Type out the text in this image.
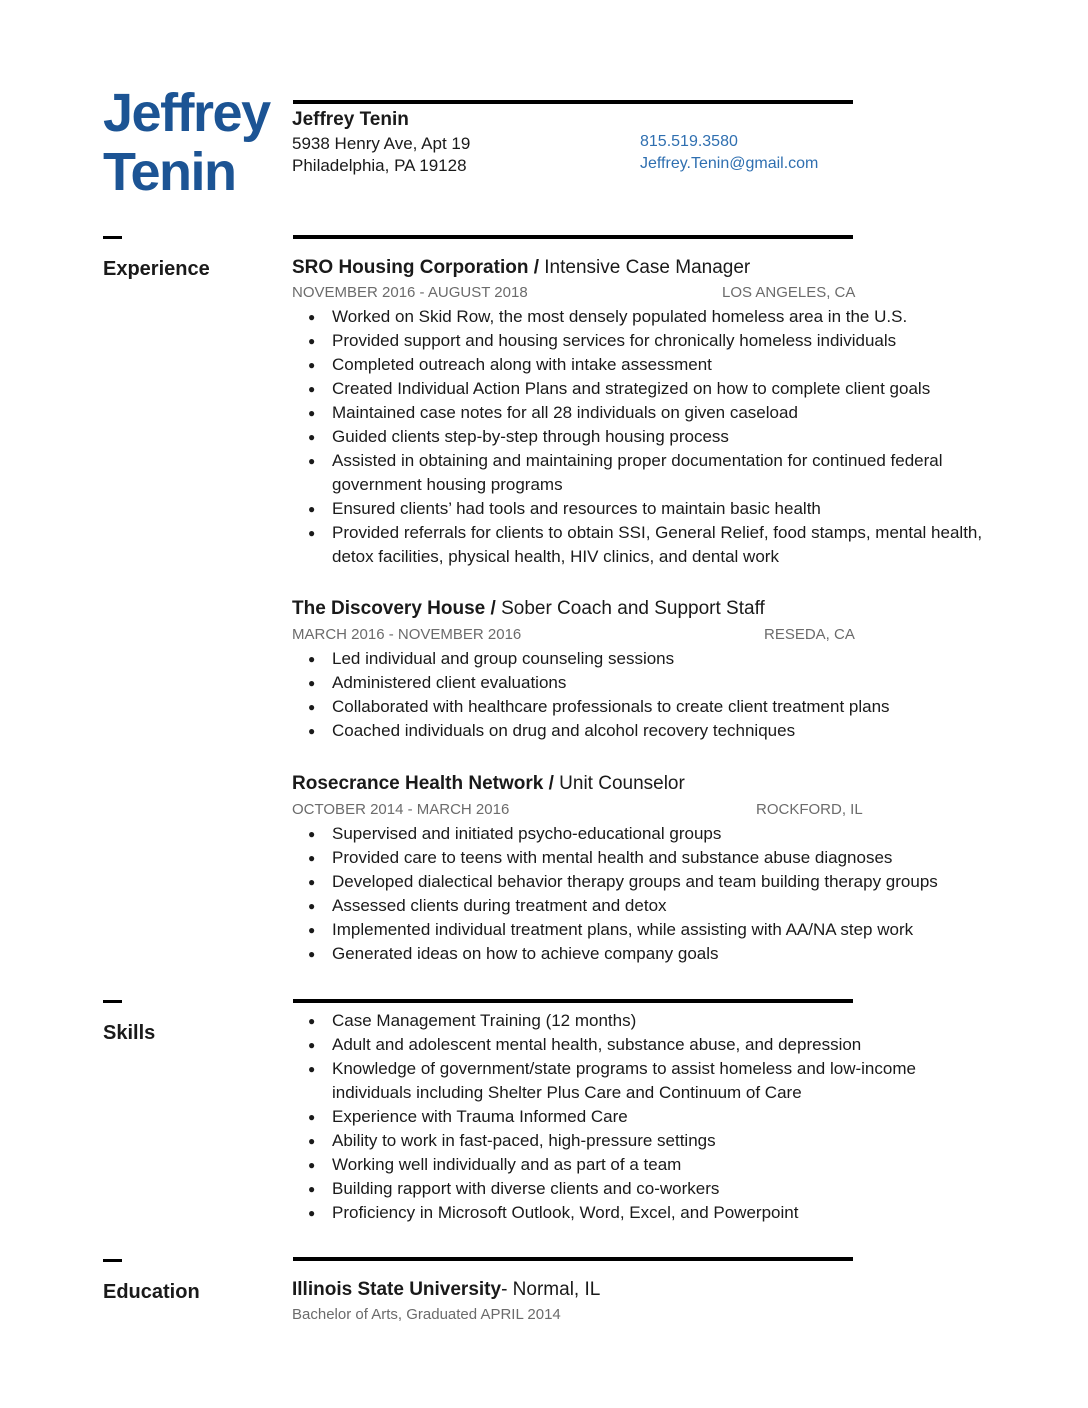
Jeffrey
Tenin
Jeffrey Tenin
5938 Henry Ave, Apt 19
Philadelphia, PA 19128
815.519.3580
Jeffrey.Tenin@gmail.com
Experience	SRO Housing Corporation / Intensive Case Manager
NOVEMBER 2016 - AUGUST 2018	LOS ANGELES, CA
● Worked on Skid Row, the most densely populated homeless area in the U.S.
● Provided support and housing services for chronically homeless individuals
● Completed outreach along with intake assessment
● Created Individual Action Plans and strategized on how to complete client goals
● Maintained case notes for all 28 individuals on given caseload
● Guided clients step-by-step through housing process
● Assisted in obtaining and maintaining proper documentation for continued federal government housing programs
● Ensured clients’ had tools and resources to maintain basic health
● Provided referrals for clients to obtain SSI, General Relief, food stamps, mental health, detox facilities, physical health, HIV clinics, and dental work
The Discovery House / Sober Coach and Support Staff
MARCH 2016 - NOVEMBER 2016	RESEDA, CA
● Led individual and group counseling sessions
● Administered client evaluations
● Collaborated with healthcare professionals to create client treatment plans
● Coached individuals on drug and alcohol recovery techniques
Rosecrance Health Network / Unit Counselor
OCTOBER 2014 - MARCH 2016	ROCKFORD, IL
● Supervised and initiated psycho-educational groups
● Provided care to teens with mental health and substance abuse diagnoses
● Developed dialectical behavior therapy groups and team building therapy groups
● Assessed clients during treatment and detox
● Implemented individual treatment plans, while assisting with AA/NA step work
● Generated ideas on how to achieve company goals
Skills
● Case Management Training (12 months)
● Adult and adolescent mental health, substance abuse, and depression
● Knowledge of government/state programs to assist homeless and low-income individuals including Shelter Plus Care and Continuum of Care
● Experience with Trauma Informed Care
● Ability to work in fast-paced, high-pressure settings
● Working well individually and as part of a team
● Building rapport with diverse clients and co-workers
● Proficiency in Microsoft Outlook, Word, Excel, and Powerpoint
Education	Illinois State University- Normal, IL
Bachelor of Arts, Graduated APRIL 2014
